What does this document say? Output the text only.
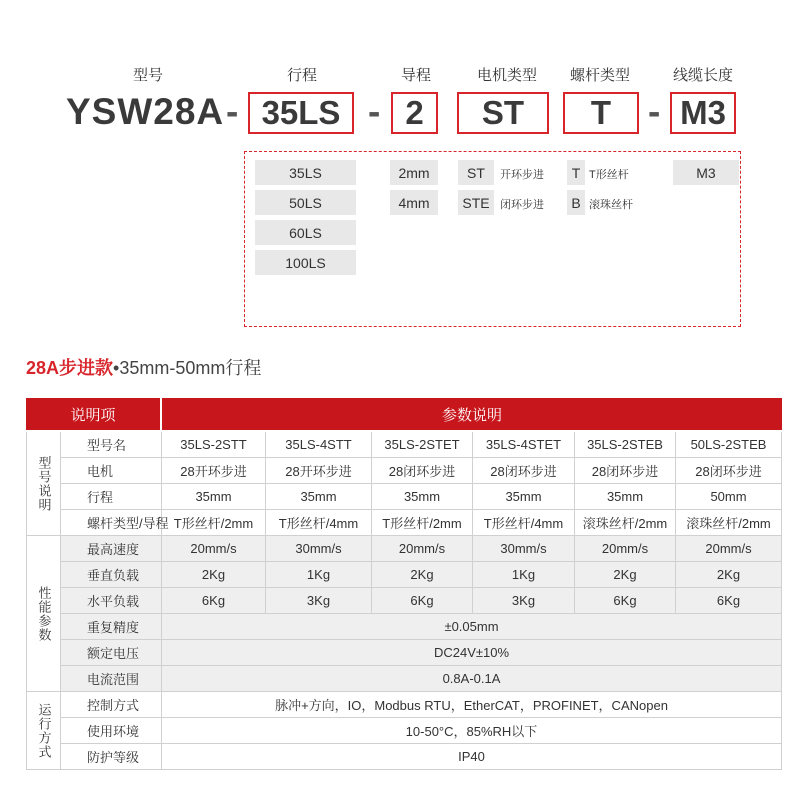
型号	行程	导程	电机类型	螺杆类型	线缆长度
YSW28A - 35LS - 2	ST	T - M3
35LS
50LS
60LS
100LS
2mm
4mm
ST	开环步进
STE 闭环步进
T T形丝杆
B 滚珠丝杆
M3
28A步进款•35mm-50mm行程
说明项	参数说明
型号说明
性能参数
运行方式
型号名	35LS-2STT	35LS-4STT	35LS-2STET	35LS-4STET	35LS-2STEB	50LS-2STEB
电机	28开环步进	28开环步进	28闭环步进	28闭环步进	28闭环步进	28闭环步进
行程	35mm	35mm	35mm	35mm	35mm	50mm
螺杆类型/导程 T形丝杆/2mm	T形丝杆/4mm	T形丝杆/2mm	T形丝杆/4mm	滚珠丝杆/2mm	滚珠丝杆/2mm
最高速度	20mm/s	30mm/s	20mm/s	30mm/s	20mm/s	20mm/s
垂直负载	2Kg	1Kg	2Kg	1Kg	2Kg	2Kg
水平负载	6Kg	3Kg	6Kg	3Kg	6Kg	6Kg
重复精度	±0.05mm
额定电压	DC24V±10%
电流范围	0.8A-0.1A
控制方式	脉冲+方向，IO，Modbus RTU，EtherCAT，PROFINET，CANopen
使用环境	10-50°C，85%RH以下
防护等级	IP40
